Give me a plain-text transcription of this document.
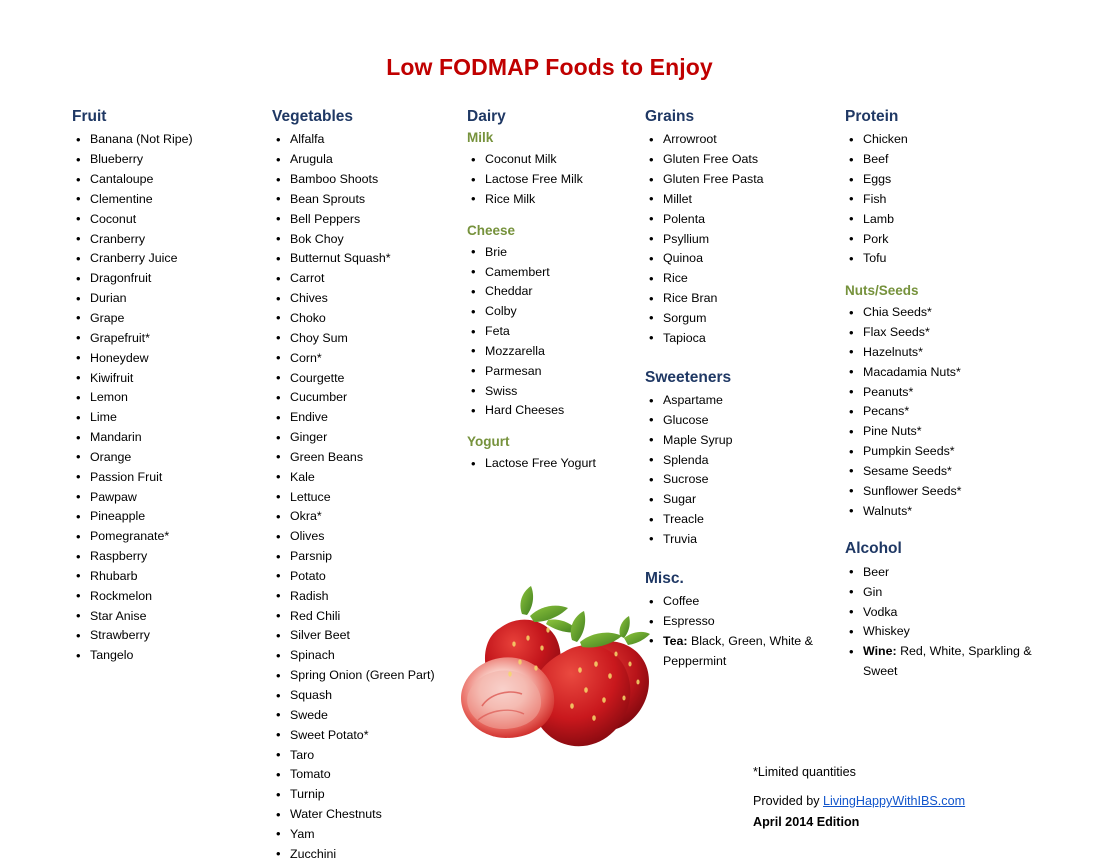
Low FODMAP Foods to Enjoy
Fruit
• Banana (Not Ripe)
• Blueberry
• Cantaloupe
• Clementine
• Coconut
• Cranberry
• Cranberry Juice
• Dragonfruit
• Durian
• Grape
• Grapefruit*
• Honeydew
• Kiwifruit
• Lemon
• Lime
• Mandarin
• Orange
• Passion Fruit
• Pawpaw
• Pineapple
• Pomegranate*
• Raspberry
• Rhubarb
• Rockmelon
• Star Anise
• Strawberry
• Tangelo
Vegetables
• Alfalfa
• Arugula
• Bamboo Shoots
• Bean Sprouts
• Bell Peppers
• Bok Choy
• Butternut Squash*
• Carrot
• Chives
• Choko
• Choy Sum
• Corn*
• Courgette
• Cucumber
• Endive
• Ginger
• Green Beans
• Kale
• Lettuce
• Okra*
• Olives
• Parsnip
• Potato
• Radish
• Red Chili
• Silver Beet
• Spinach
• Spring Onion (Green Part)
• Squash
• Swede
• Sweet Potato*
• Taro
• Tomato
• Turnip
• Water Chestnuts
• Yam
• Zucchini
Dairy
Milk
• Coconut Milk
• Lactose Free Milk
• Rice Milk
Cheese
• Brie
• Camembert
• Cheddar
• Colby
• Feta
• Mozzarella
• Parmesan
• Swiss
• Hard Cheeses
Yogurt
• Lactose Free Yogurt
Grains
• Arrowroot
• Gluten Free Oats
• Gluten Free Pasta
• Millet
• Polenta
• Psyllium
• Quinoa
• Rice
• Rice Bran
• Sorgum
• Tapioca
Sweeteners
• Aspartame
• Glucose
• Maple Syrup
• Splenda
• Sucrose
• Sugar
• Treacle
• Truvia
Misc.
• Coffee
• Espresso
• Tea: Black, Green, White & Peppermint
Protein
• Chicken
• Beef
• Eggs
• Fish
• Lamb
• Pork
• Tofu
Nuts/Seeds
• Chia Seeds*
• Flax Seeds*
• Hazelnuts*
• Macadamia Nuts*
• Peanuts*
• Pecans*
• Pine Nuts*
• Pumpkin Seeds*
• Sesame Seeds*
• Sunflower Seeds*
• Walnuts*
Alcohol
• Beer
• Gin
• Vodka
• Whiskey
• Wine: Red, White, Sparkling & Sweet
*Limited quantities
Provided by LivingHappyWithIBS.com
April 2014 Edition
